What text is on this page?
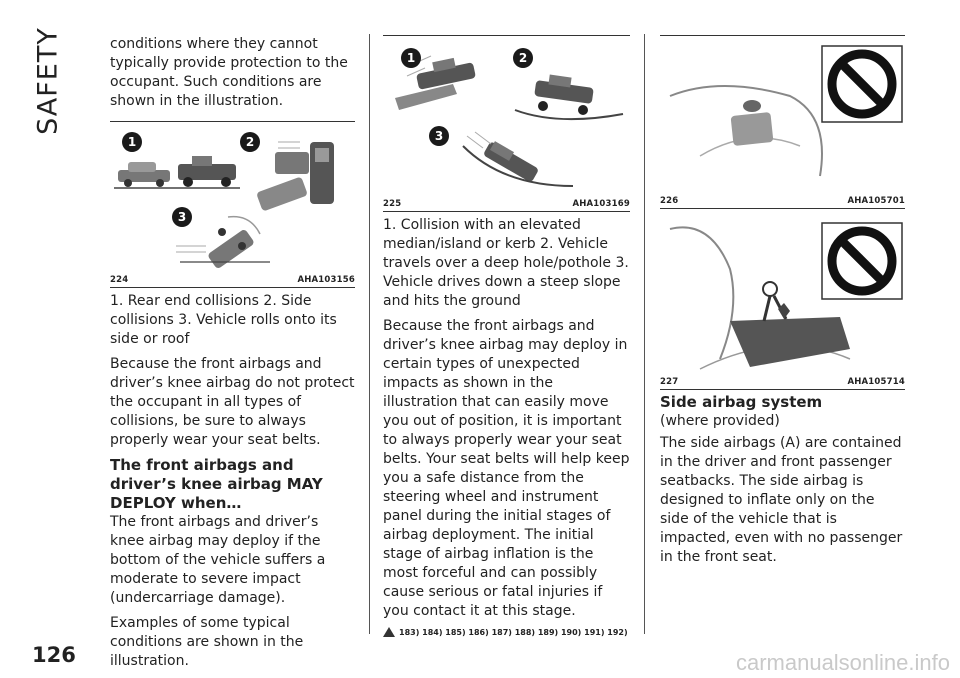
SAFETY	conditions where they cannot typically provide protection to the occupant. Such conditions are shown in the illustration.

1	2
3
224	AHA103156

1. Rear end collisions 2. Side collisions 3. Vehicle rolls onto its side or roof

Because the front airbags and driver’s knee airbag do not protect the occupant in all types of collisions, be sure to always properly wear your seat belts.

The front airbags and driver’s knee airbag MAY DEPLOY when…

The front airbags and driver’s knee airbag may deploy if the bottom of the vehicle suffers a moderate to severe impact (undercarriage damage).

Examples of some typical conditions are shown in the illustration.

1	2
3
225	AHA103169

1. Collision with an elevated median/island or kerb 2. Vehicle travels over a deep hole/pothole 3. Vehicle drives down a steep slope and hits the ground

Because the front airbags and driver’s knee airbag may deploy in certain types of unexpected impacts as shown in the illustration that can easily move you out of position, it is important to always properly wear your seat belts. Your seat belts will help keep you a safe distance from the steering wheel and instrument panel during the initial stages of airbag deployment. The initial stage of airbag inflation is the most forceful and can possibly cause serious or fatal injuries if you contact it at this stage.

183) 184) 185) 186) 187) 188) 189) 190) 191) 192)
226	AHA105701
227	AHA105714

Side airbag system

(where provided)

The side airbags (A) are contained in the driver and front passenger seatbacks. The side airbag is designed to inflate only on the side of the vehicle that is impacted, even with no passenger in the front seat.

126	carmanualsonline.info
